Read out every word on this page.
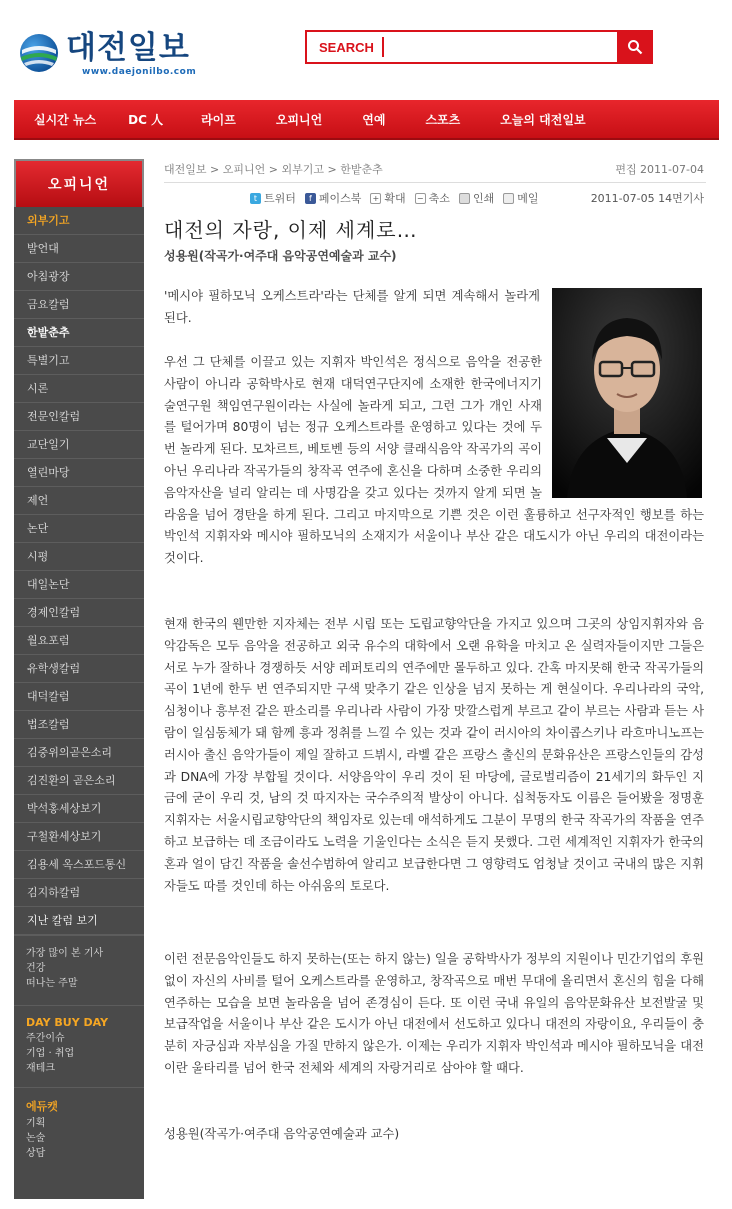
대전일보
www.daejonilbo.com
SEARCH
실시간 뉴스	DC 人	라이프	오피니언	연예	스포츠	오늘의 대전일보
오피니언
외부기고
발언대
아침광장
금요칼럼
한밭춘추
특별기고
시론
전문인칼럼
교단일기
열린마당
제언
논단
시평
대일논단
경제인칼럼
월요포럼
유학생칼럼
대덕칼럼
법조칼럼
김중위의곧은소리
김진환의 곧은소리
박석홍세상보기
구철환세상보기
김용세 옥스포드통신
김지하칼럼
지난 칼럼 보기
가장 많이 본 기사
건강
떠나는 주말
DAY BUY DAY
주간이슈
기업 · 취업
재테크
에듀캣
기획
논술
상담
대전일보 > 오피니언 > 외부기고 > 한밭춘추	편집 2011-07-04
t 트위터	f 페이스북 + 확대 − 축소 인쇄 메일	2011-07-05 14면기사
대전의 자랑, 이제 세계로…
성용원(작곡가·여주대 음악공연예술과 교수)
'메시야 필하모닉 오케스트라'라는 단체를 알게 되면 계속해서 놀라게 된다.
우선 그 단체를 이끌고 있는 지휘자 박인석은 정식으로 음악을 전공한 사람이 아니라 공학박사로 현재 대덕연구단지에 소재한 한국에너지기술연구원 책임연구원이라는 사실에 놀라게 되고, 그런 그가 개인 사재를 털어가며 80명이 넘는 정규 오케스트라를 운영하고 있다는 것에 두 번 놀라게 된다. 모차르트, 베토벤 등의 서양 클래식음악 작곡가의 곡이 아닌 우리나라 작곡가들의 창작곡 연주에 혼신을 다하며 소중한 우리의 음악자산을 널리 알리는 데 사명감을 갖고 있다는 것까지 알게 되면 놀라움을 넘어 경탄을 하게 된다. 그리고 마지막으로 기쁜 것은 이런 훌륭하고 선구자적인 행보를 하는 박인석 지휘자와 메시야 필하모닉의 소재지가 서울이나 부산 같은 대도시가 아닌 우리의 대전이라는 것이다.
현재 한국의 웬만한 지자체는 전부 시립 또는 도립교향악단을 가지고 있으며 그곳의 상임지휘자와 음악감독은 모두 음악을 전공하고 외국 유수의 대학에서 오랜 유학을 마치고 온 실력자들이지만 그들은 서로 누가 잘하나 경쟁하듯 서양 레퍼토리의 연주에만 몰두하고 있다. 간혹 마지못해 한국 작곡가들의 곡이 1년에 한두 번 연주되지만 구색 맞추기 같은 인상을 넘지 못하는 게 현실이다. 우리나라의 국악, 심청이나 흥부전 같은 판소리를 우리나라 사람이 가장 맛깔스럽게 부르고 같이 부르는 사람과 듣는 사람이 일심동체가 돼 함께 흥과 정취를 느낄 수 있는 것과 같이 러시아의 차이콥스키나 라흐마니노프는 러시아 출신 음악가들이 제일 잘하고 드뷔시, 라벨 같은 프랑스 출신의 문화유산은 프랑스인들의 감성과 DNA에 가장 부합될 것이다. 서양음악이 우리 것이 된 마당에, 글로벌리즘이 21세기의 화두인 지금에 굳이 우리 것, 남의 것 따지자는 국수주의적 발상이 아니다. 십척동자도 이름은 들어봤을 정명훈 지휘자는 서울시립교향악단의 책임자로 있는데 애석하게도 그분이 무명의 한국 작곡가의 작품을 연주하고 보급하는 데 조금이라도 노력을 기울인다는 소식은 듣지 못했다. 그런 세계적인 지휘자가 한국의 혼과 얼이 담긴 작품을 솔선수범하여 알리고 보급한다면 그 영향력도 엄청날 것이고 국내의 많은 지휘자들도 따를 것인데 하는 아쉬움의 토로다.
이런 전문음악인들도 하지 못하는(또는 하지 않는) 일을 공학박사가 정부의 지원이나 민간기업의 후원 없이 자신의 사비를 털어 오케스트라를 운영하고, 창작곡으로 매번 무대에 올리면서 혼신의 힘을 다해 연주하는 모습을 보면 놀라움을 넘어 존경심이 든다. 또 이런 국내 유일의 음악문화유산 보전발굴 및 보급작업을 서울이나 부산 같은 도시가 아닌 대전에서 선도하고 있다니 대전의 자랑이요, 우리들이 충분히 자긍심과 자부심을 가질 만하지 않은가. 이제는 우리가 지휘자 박인석과 메시야 필하모닉을 대전이란 울타리를 넘어 한국 전체와 세계의 자랑거리로 삼아야 할 때다.
성용원(작곡가·여주대 음악공연예술과 교수)
